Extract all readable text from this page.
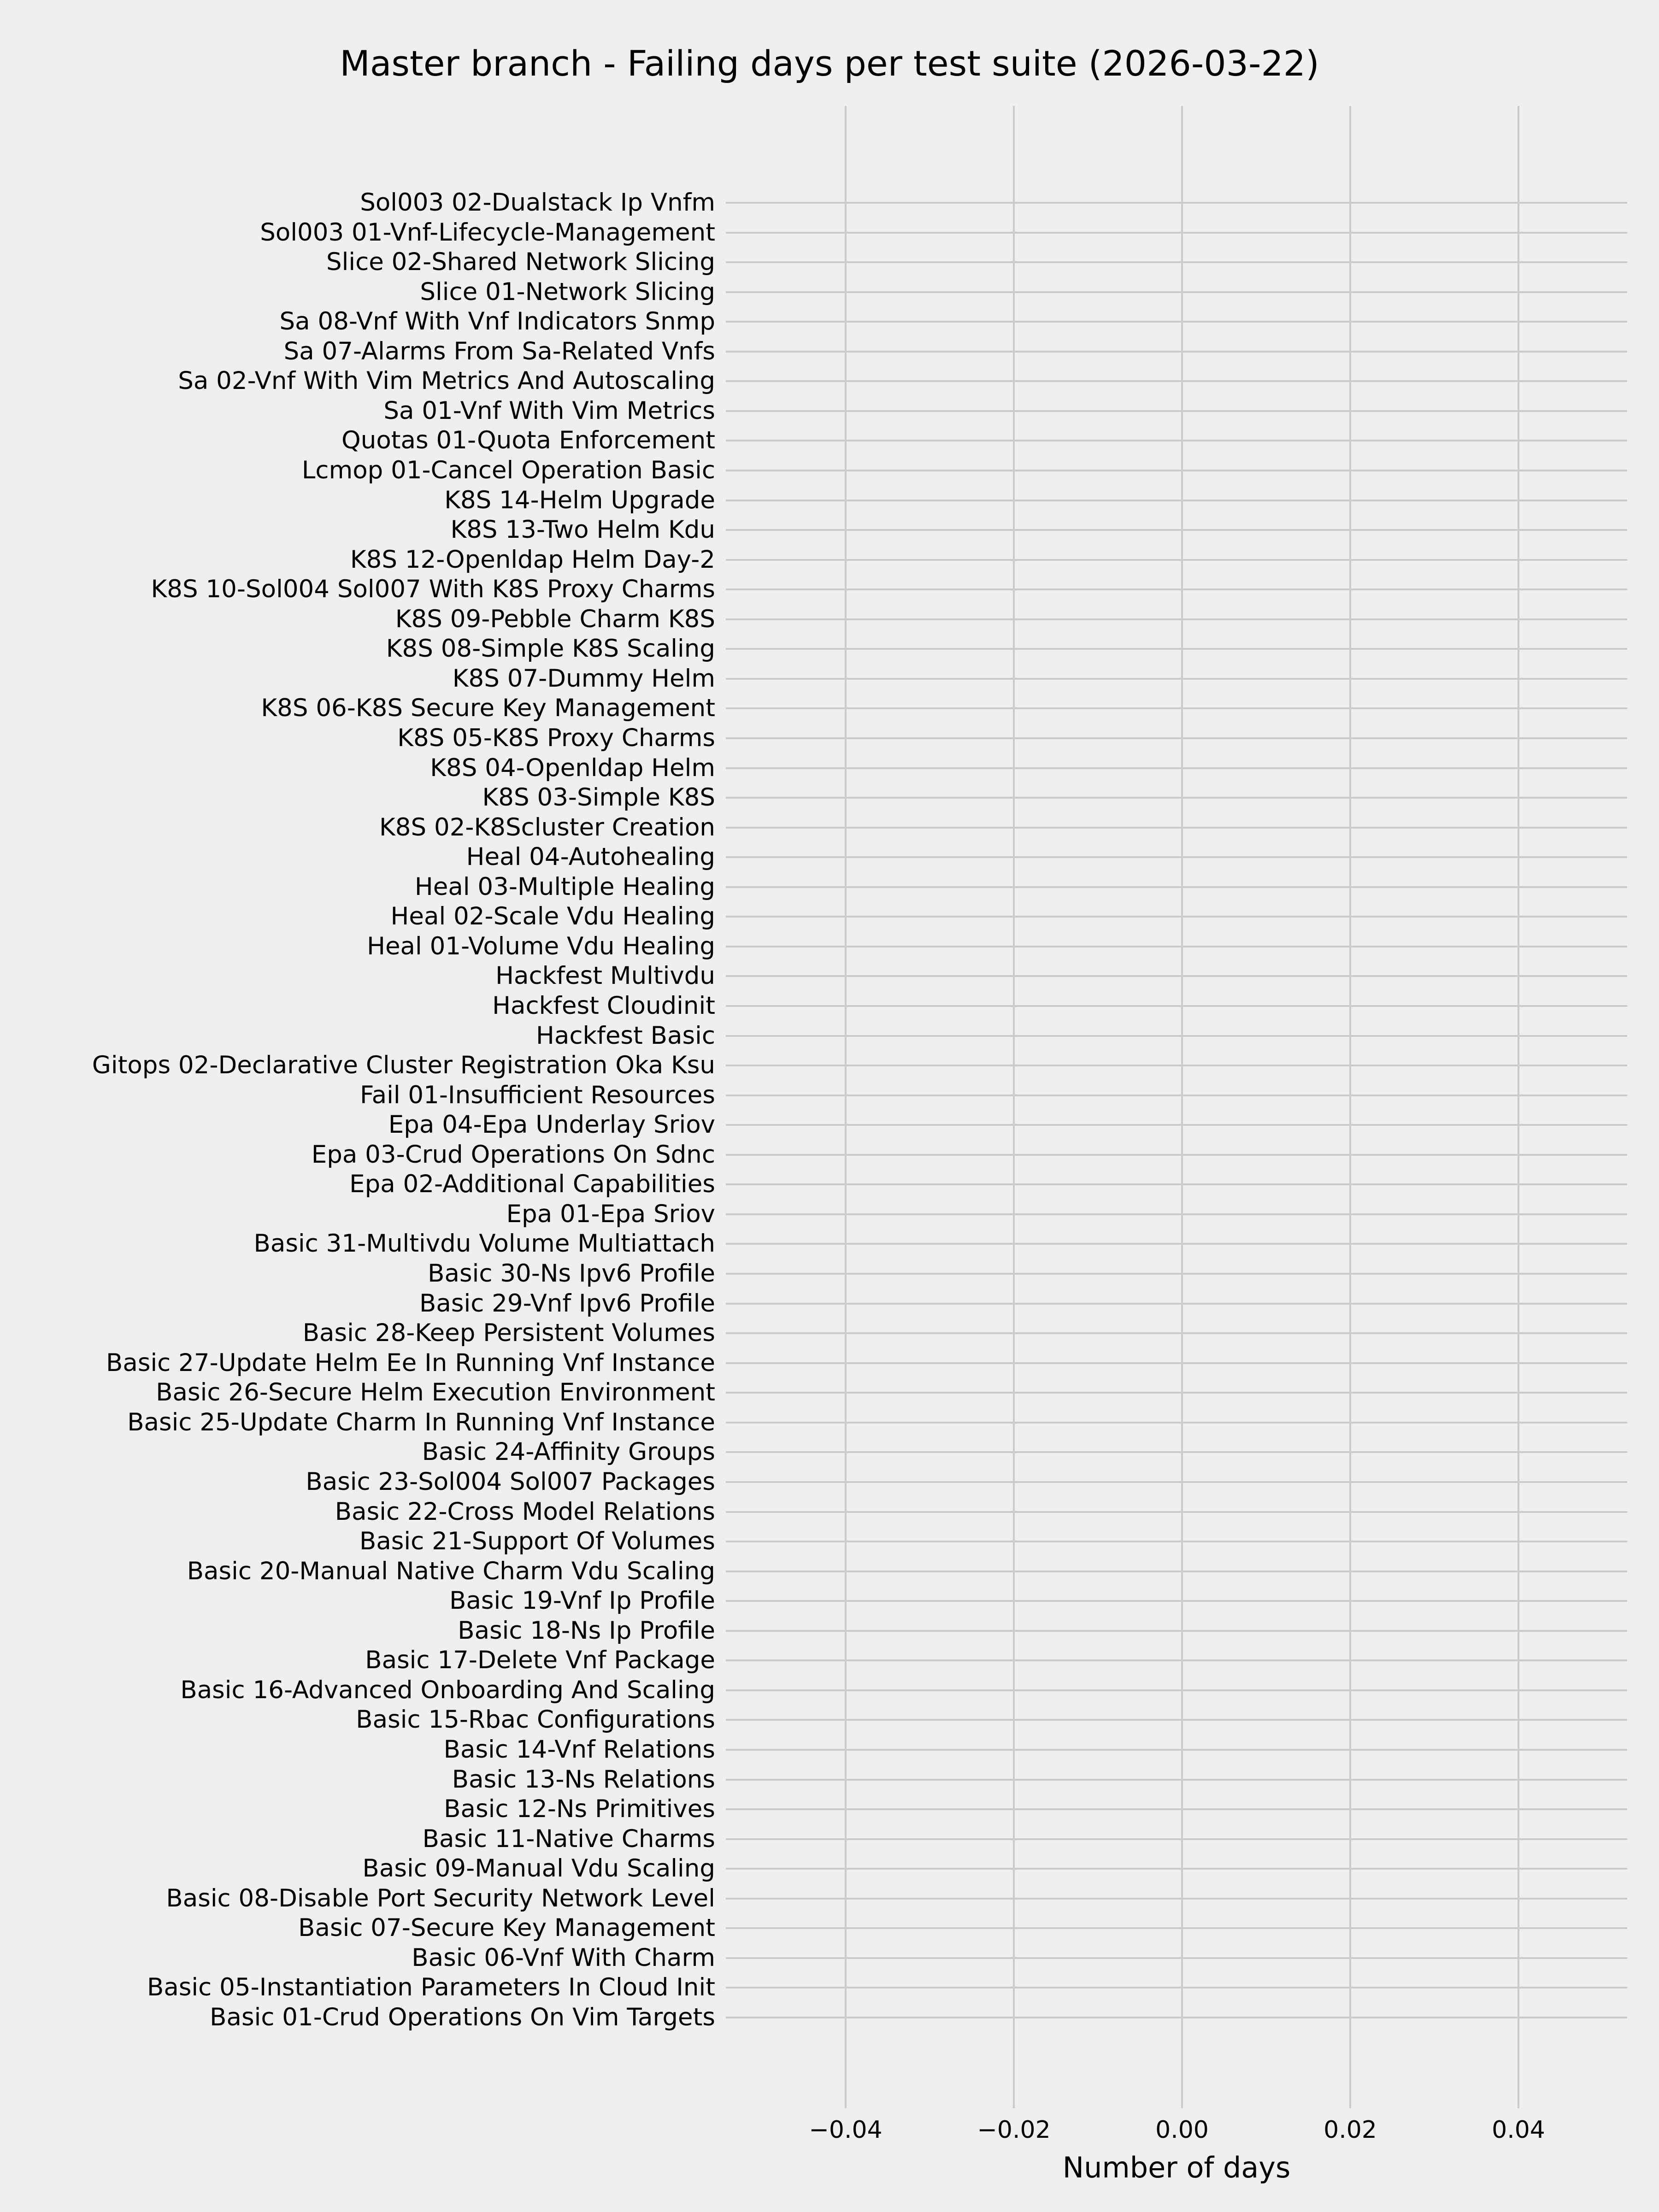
Master branch - Failing days per test suite (2026-03-22)
−0.04	−0.02	0.00	0.02	0.04
Sol003 02-Dualstack Ip Vnfm
Sol003 01-Vnf-Lifecycle-Management
Slice 02-Shared Network Slicing
Slice 01-Network Slicing
Sa 08-Vnf With Vnf Indicators Snmp
Sa 07-Alarms From Sa-Related Vnfs
Sa 02-Vnf With Vim Metrics And Autoscaling
Sa 01-Vnf With Vim Metrics
Quotas 01-Quota Enforcement
Lcmop 01-Cancel Operation Basic
K8S 14-Helm Upgrade
K8S 13-Two Helm Kdu
K8S 12-Openldap Helm Day-2
K8S 10-Sol004 Sol007 With K8S Proxy Charms
K8S 09-Pebble Charm K8S
K8S 08-Simple K8S Scaling
K8S 07-Dummy Helm
K8S 06-K8S Secure Key Management
K8S 05-K8S Proxy Charms
K8S 04-Openldap Helm
K8S 03-Simple K8S
K8S 02-K8Scluster Creation
Heal 04-Autohealing
Heal 03-Multiple Healing
Heal 02-Scale Vdu Healing
Heal 01-Volume Vdu Healing
Hackfest Multivdu
Hackfest Cloudinit
Hackfest Basic
Gitops 02-Declarative Cluster Registration Oka Ksu
Fail 01-Insufficient Resources
Epa 04-Epa Underlay Sriov
Epa 03-Crud Operations On Sdnc
Epa 02-Additional Capabilities
Epa 01-Epa Sriov
Basic 31-Multivdu Volume Multiattach
Basic 30-Ns Ipv6 Profile
Basic 29-Vnf Ipv6 Profile
Basic 28-Keep Persistent Volumes
Basic 27-Update Helm Ee In Running Vnf Instance
Basic 26-Secure Helm Execution Environment
Basic 25-Update Charm In Running Vnf Instance
Basic 24-Affinity Groups
Basic 23-Sol004 Sol007 Packages
Basic 22-Cross Model Relations
Basic 21-Support Of Volumes
Basic 20-Manual Native Charm Vdu Scaling
Basic 19-Vnf Ip Profile
Basic 18-Ns Ip Profile
Basic 17-Delete Vnf Package
Basic 16-Advanced Onboarding And Scaling
Basic 15-Rbac Configurations
Basic 14-Vnf Relations
Basic 13-Ns Relations
Basic 12-Ns Primitives
Basic 11-Native Charms
Basic 09-Manual Vdu Scaling
Basic 08-Disable Port Security Network Level
Basic 07-Secure Key Management
Basic 06-Vnf With Charm
Basic 05-Instantiation Parameters In Cloud Init
Basic 01-Crud Operations On Vim Targets
Number of days
